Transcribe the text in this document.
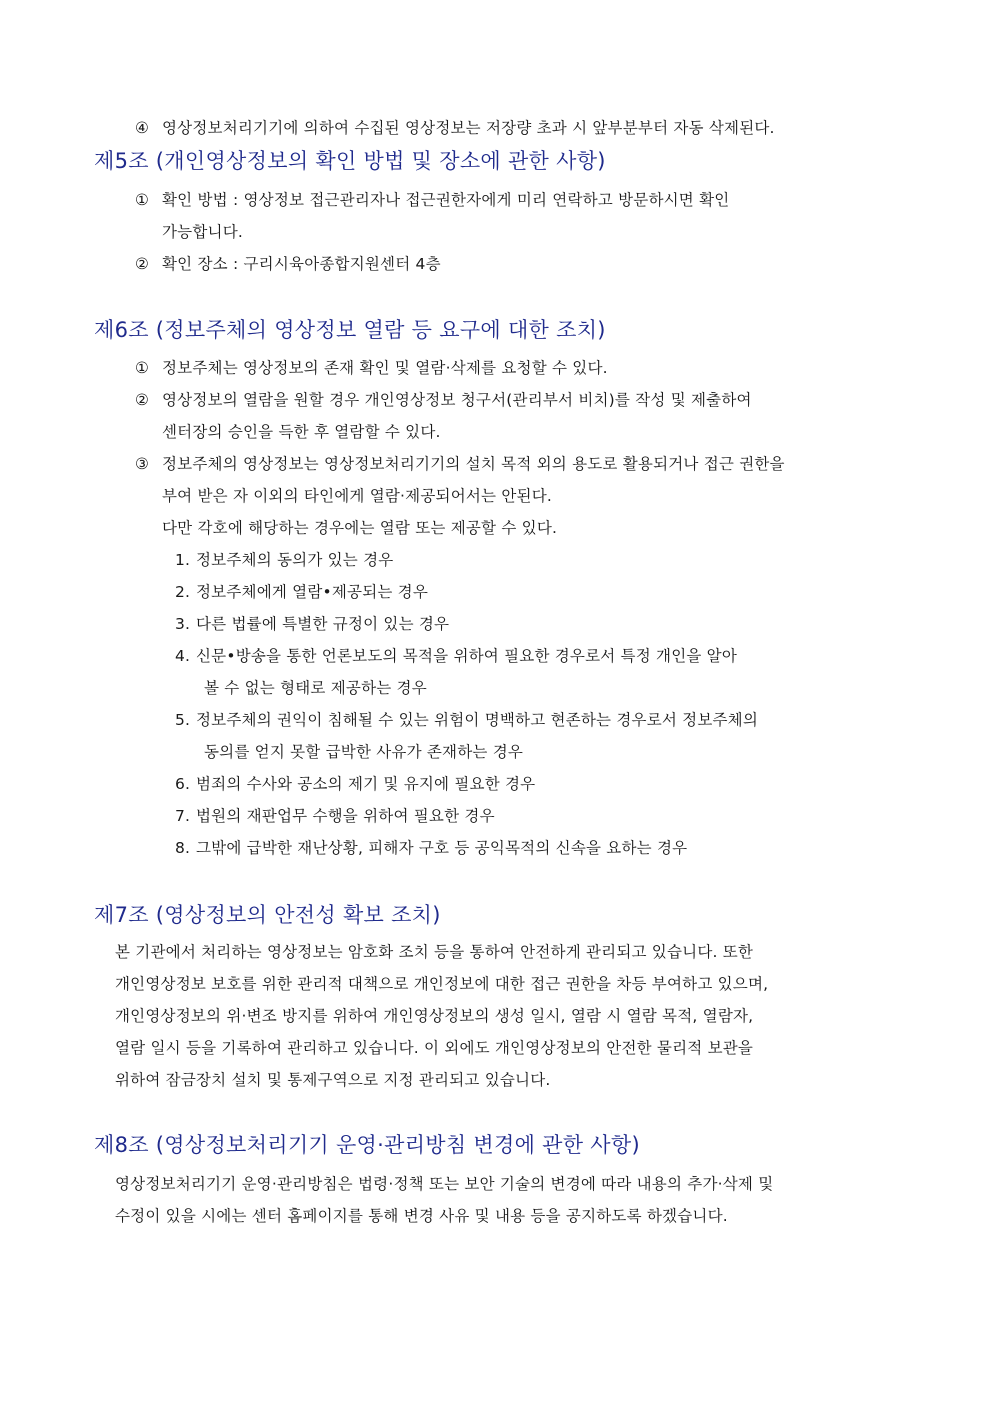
④ 영상정보처리기기에 의하여 수집된 영상정보는 저장량 초과 시 앞부분부터 자동 삭제된다.
제5조 (개인영상정보의 확인 방법 및 장소에 관한 사항)
① 확인 방법 : 영상정보 접근관리자나 접근권한자에게 미리 연락하고 방문하시면 확인
가능합니다.
② 확인 장소 : 구리시육아종합지원센터 4층
제6조 (정보주체의 영상정보 열람 등 요구에 대한 조치)
① 정보주체는 영상정보의 존재 확인 및 열람·삭제를 요청할 수 있다.
② 영상정보의 열람을 원할 경우 개인영상정보 청구서(관리부서 비치)를 작성 및 제출하여
센터장의 승인을 득한 후 열람할 수 있다.
③ 정보주체의 영상정보는 영상정보처리기기의 설치 목적 외의 용도로 활용되거나 접근 권한을
부여 받은 자 이외의 타인에게 열람·제공되어서는 안된다.
다만 각호에 해당하는 경우에는 열람 또는 제공할 수 있다.
1. 정보주체의 동의가 있는 경우
2. 정보주체에게 열람•제공되는 경우
3. 다른 법률에 특별한 규정이 있는 경우
4. 신문•방송을 통한 언론보도의 목적을 위하여 필요한 경우로서 특정 개인을 알아
볼 수 없는 형태로 제공하는 경우
5. 정보주체의 권익이 침해될 수 있는 위험이 명백하고 현존하는 경우로서 정보주체의
동의를 얻지 못할 급박한 사유가 존재하는 경우
6. 범죄의 수사와 공소의 제기 및 유지에 필요한 경우
7. 법원의 재판업무 수행을 위하여 필요한 경우
8. 그밖에 급박한 재난상황, 피해자 구호 등 공익목적의 신속을 요하는 경우
제7조 (영상정보의 안전성 확보 조치)
본 기관에서 처리하는 영상정보는 암호화 조치 등을 통하여 안전하게 관리되고 있습니다. 또한
개인영상정보 보호를 위한 관리적 대책으로 개인정보에 대한 접근 권한을 차등 부여하고 있으며,
개인영상정보의 위·변조 방지를 위하여 개인영상정보의 생성 일시, 열람 시 열람 목적, 열람자,
열람 일시 등을 기록하여 관리하고 있습니다. 이 외에도 개인영상정보의 안전한 물리적 보관을
위하여 잠금장치 설치 및 통제구역으로 지정 관리되고 있습니다.
제8조 (영상정보처리기기 운영·관리방침 변경에 관한 사항)
영상정보처리기기 운영·관리방침은 법령·정책 또는 보안 기술의 변경에 따라 내용의 추가·삭제 및
수정이 있을 시에는 센터 홈페이지를 통해 변경 사유 및 내용 등을 공지하도록 하겠습니다.
